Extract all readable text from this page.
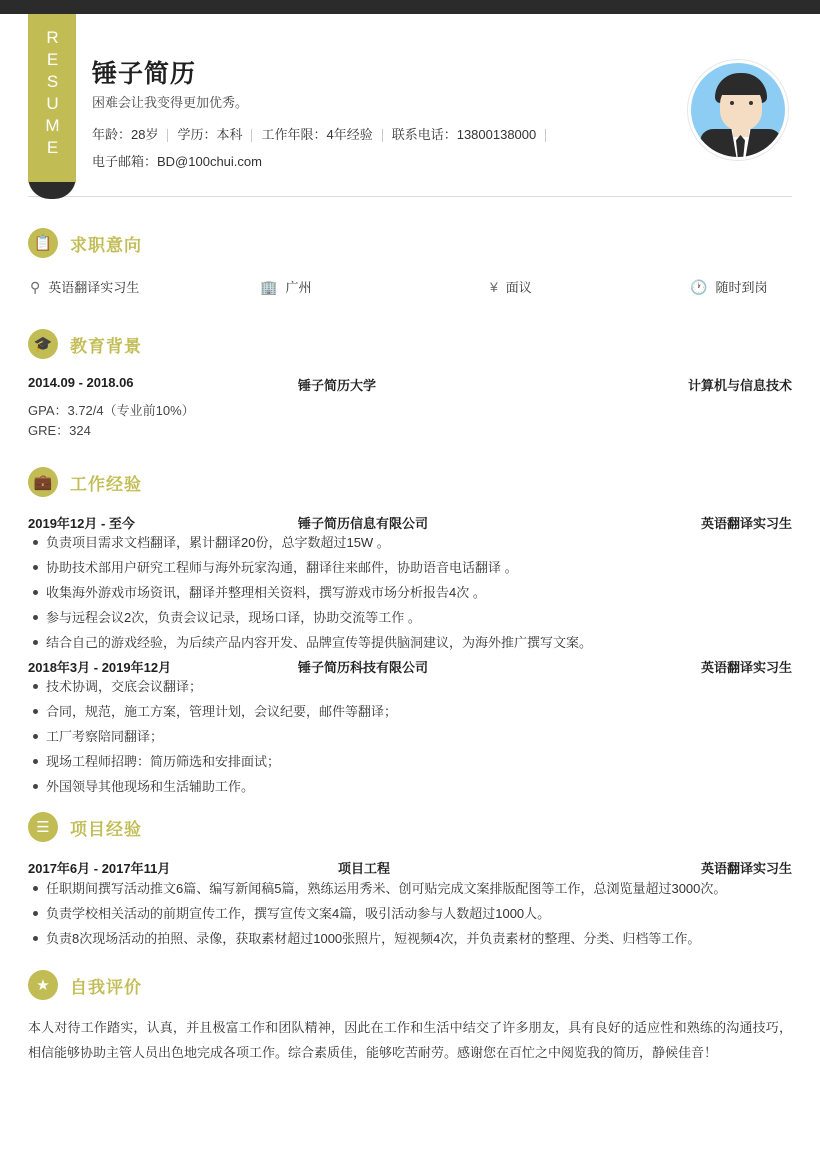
RESUME	锤子简历
困难会让我变得更加优秀。
年龄：28岁 学历：本科 工作年限：4年经验 联系电话：13800138000
电子邮箱：BD@100chui.com
📋	求职意向
⚲ 英语翻译实习生	🏢 广州	¥ 面议	🕐 随时到岗
🎓	教育背景
2014.09 - 2018.06	锤子简历大学	计算机与信息技术
GPA：3.72/4（专业前10%）
GRE：324
💼	工作经验
2019年12月 - 至今	锤子简历信息有限公司	英语翻译实习生
负责项目需求文档翻译，累计翻译20份，总字数超过15W 。
协助技术部用户研究工程师与海外玩家沟通，翻译往来邮件，协助语音电话翻译 。
收集海外游戏市场资讯，翻译并整理相关资料，撰写游戏市场分析报告4次 。
参与远程会议2次，负责会议记录，现场口译，协助交流等工作 。
结合自己的游戏经验，为后续产品内容开发、品牌宣传等提供脑洞建议，为海外推广撰写文案。
2018年3月 - 2019年12月	锤子简历科技有限公司	英语翻译实习生
技术协调，交底会议翻译；
合同，规范，施工方案，管理计划，会议纪要，邮件等翻译；
工厂考察陪同翻译；
现场工程师招聘：简历筛选和安排面试；
外国领导其他现场和生活辅助工作。
☰	项目经验
2017年6月 - 2017年11月	项目工程	英语翻译实习生
任职期间撰写活动推文6篇、编写新闻稿5篇，熟练运用秀米、创可贴完成文案排版配图等工作，总浏览量超过3000次。
负责学校相关活动的前期宣传工作，撰写宣传文案4篇，吸引活动参与人数超过1000人。
负责8次现场活动的拍照、录像，获取素材超过1000张照片，短视频4次，并负责素材的整理、分类、归档等工作。
★	自我评价
本人对待工作踏实，认真，并且极富工作和团队精神，因此在工作和生活中结交了许多朋友，具有良好的适应性和熟练的沟通技巧，相信能够协助主管人员出色地完成各项工作。综合素质佳，能够吃苦耐劳。感谢您在百忙之中阅览我的简历，静候佳音！
